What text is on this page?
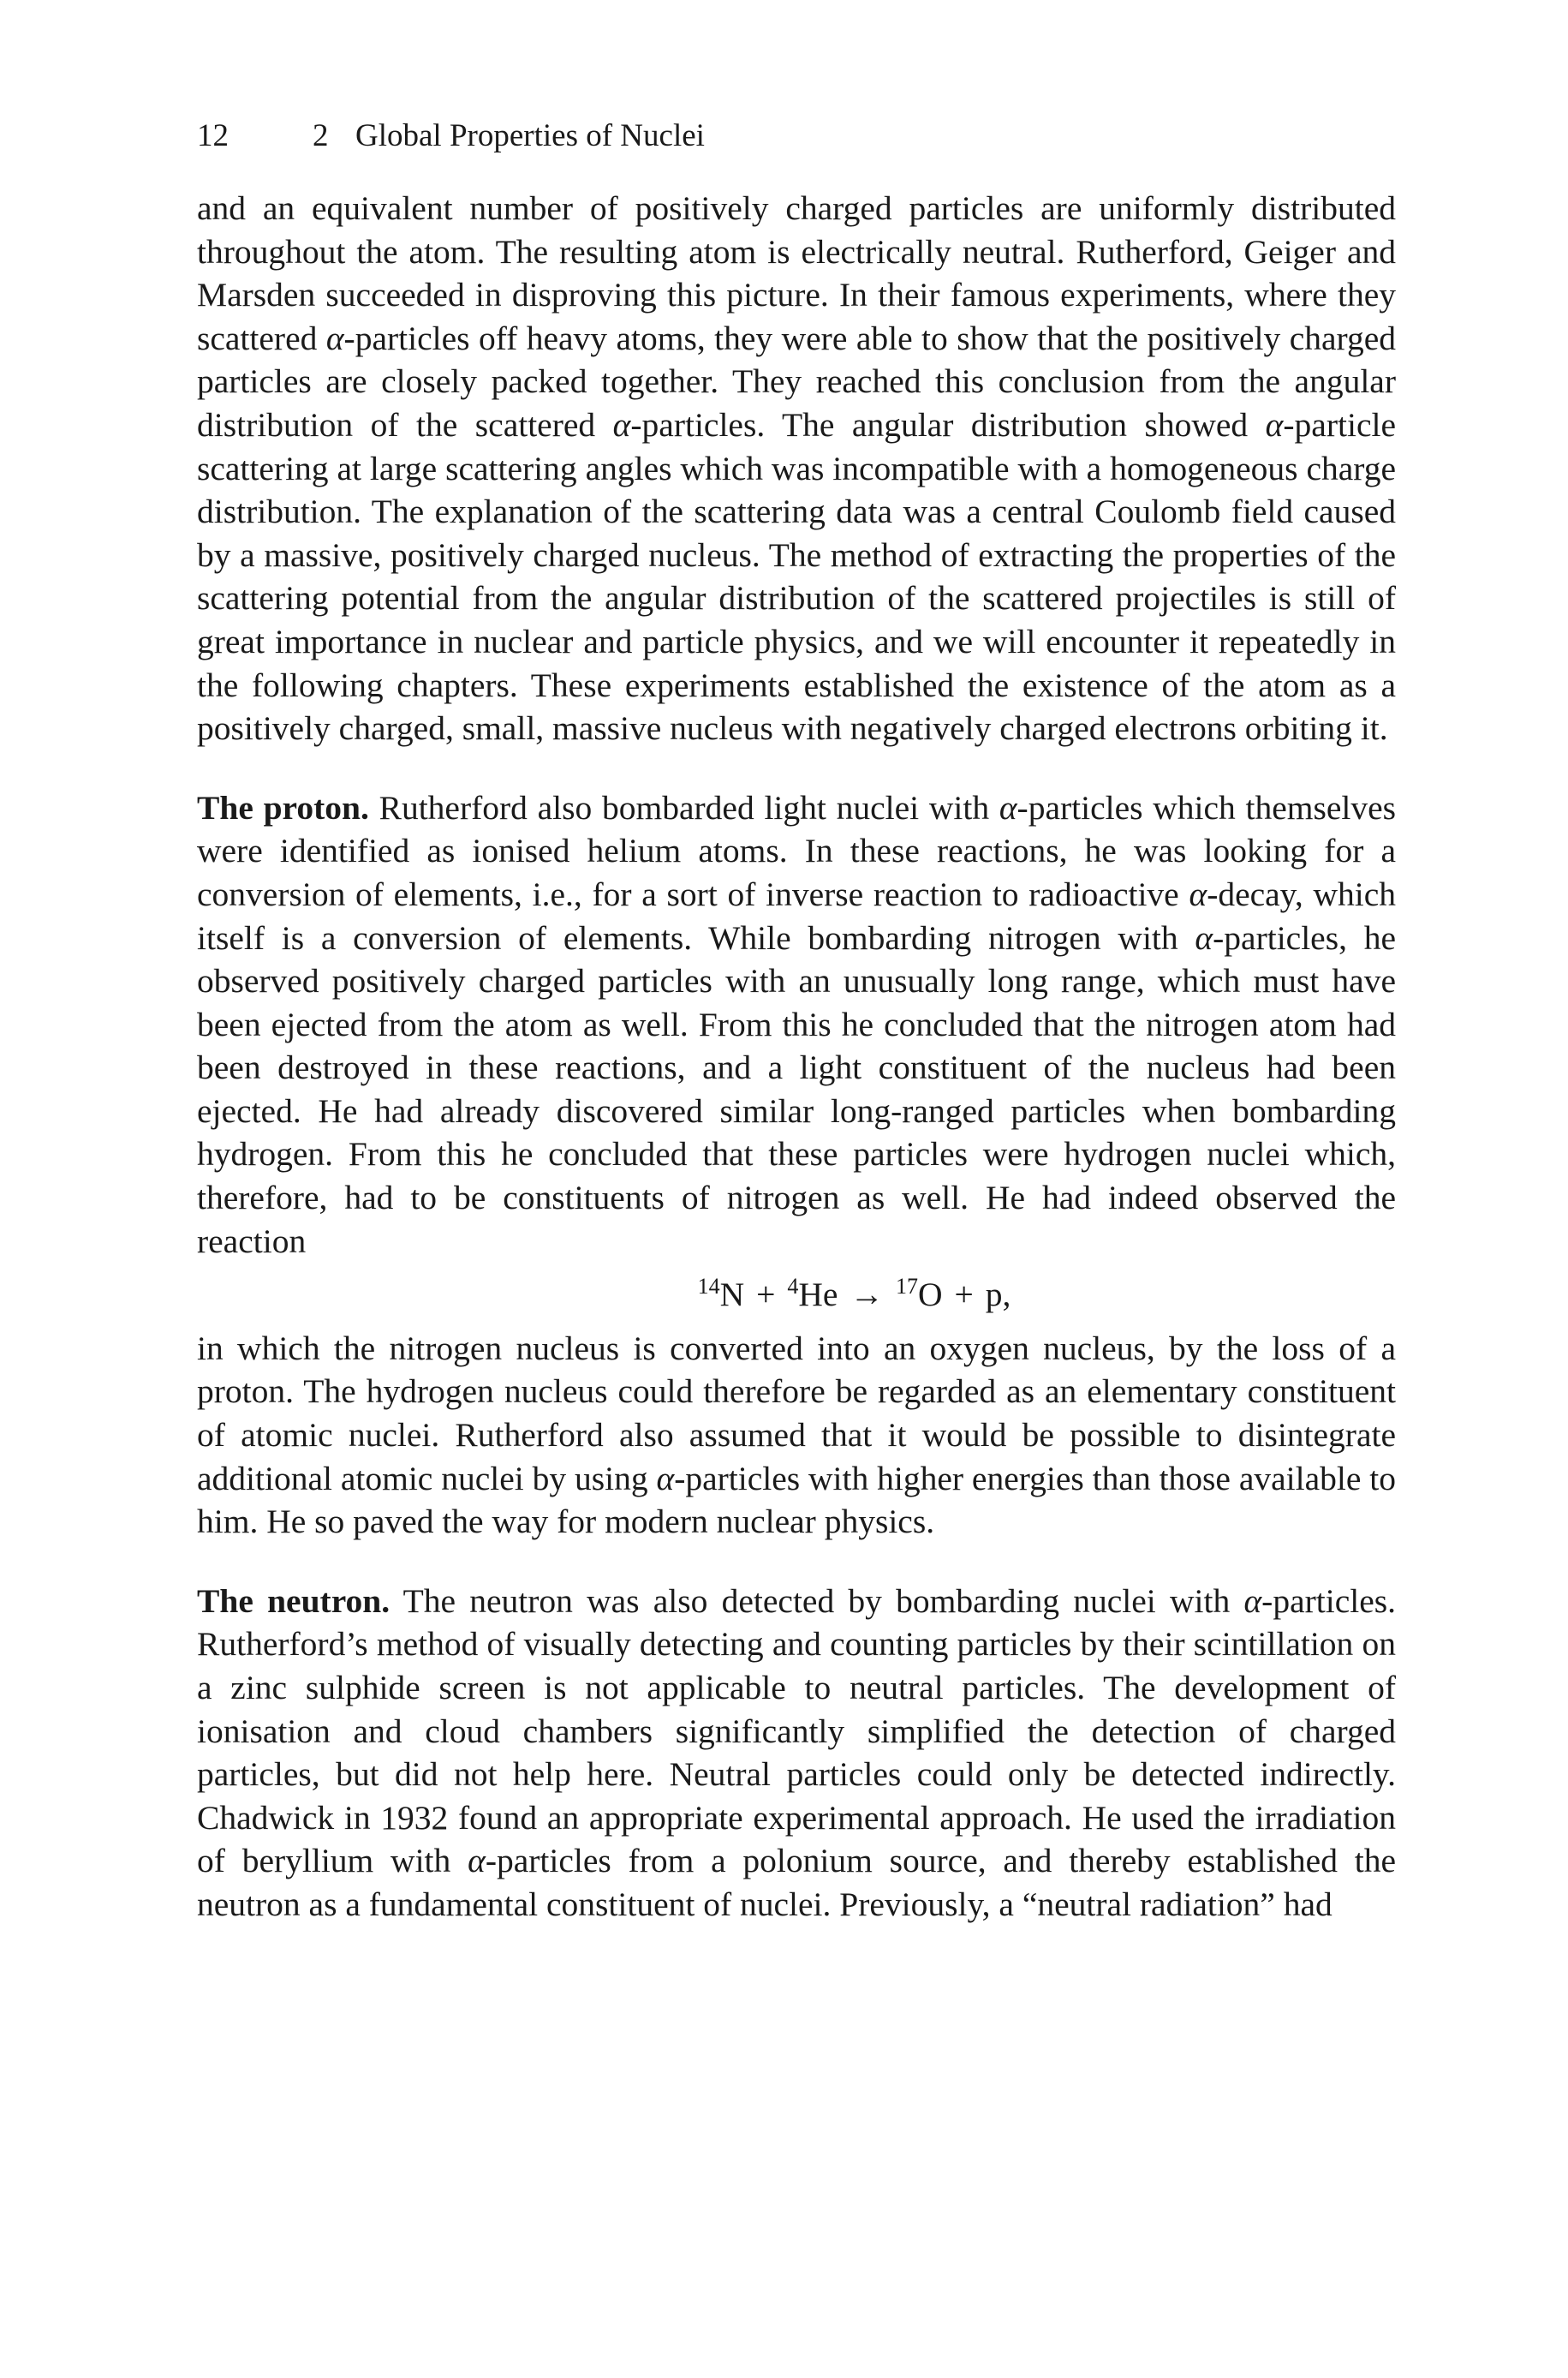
12	2 Global Properties of Nuclei

and an equivalent number of positively charged particles are uniformly distributed throughout the atom. The resulting atom is electrically neutral. Rutherford, Geiger and Marsden succeeded in disproving this picture. In their famous experiments, where they scattered α-particles off heavy atoms, they were able to show that the positively charged particles are closely packed together. They reached this conclusion from the angular distribution of the scattered α-particles. The angular distribution showed α-particle scattering at large scattering angles which was incompatible with a homogeneous charge distribution. The explanation of the scattering data was a central Coulomb field caused by a massive, positively charged nucleus. The method of extracting the properties of the scattering potential from the angular distribution of the scattered projectiles is still of great importance in nuclear and particle physics, and we will encounter it repeatedly in the following chapters. These experiments established the existence of the atom as a positively charged, small, massive nucleus with negatively charged electrons orbiting it.

The proton. Rutherford also bombarded light nuclei with α-particles which themselves were identified as ionised helium atoms. In these reactions, he was looking for a conversion of elements, i.e., for a sort of inverse reaction to radioactive α-decay, which itself is a conversion of elements. While bombarding nitrogen with α-particles, he observed positively charged particles with an unusually long range, which must have been ejected from the atom as well. From this he concluded that the nitrogen atom had been destroyed in these reactions, and a light constituent of the nucleus had been ejected. He had already discovered similar long-ranged particles when bombarding hydrogen. From this he concluded that these particles were hydrogen nuclei which, therefore, had to be constituents of nitrogen as well. He had indeed observed the reaction

$^{14}$N + $^4$He → $^{17}$O + p,

in which the nitrogen nucleus is converted into an oxygen nucleus, by the loss of a proton. The hydrogen nucleus could therefore be regarded as an elementary constituent of atomic nuclei. Rutherford also assumed that it would be possible to disintegrate additional atomic nuclei by using α-particles with higher energies than those available to him. He so paved the way for modern nuclear physics.

The neutron. The neutron was also detected by bombarding nuclei with α-particles. Rutherford’s method of visually detecting and counting particles by their scintillation on a zinc sulphide screen is not applicable to neutral particles. The development of ionisation and cloud chambers significantly simplified the detection of charged particles, but did not help here. Neutral particles could only be detected indirectly. Chadwick in 1932 found an appropriate experimental approach. He used the irradiation of beryllium with α-particles from a polonium source, and thereby established the neutron as a fundamental constituent of nuclei. Previously, a “neutral radiation” had
